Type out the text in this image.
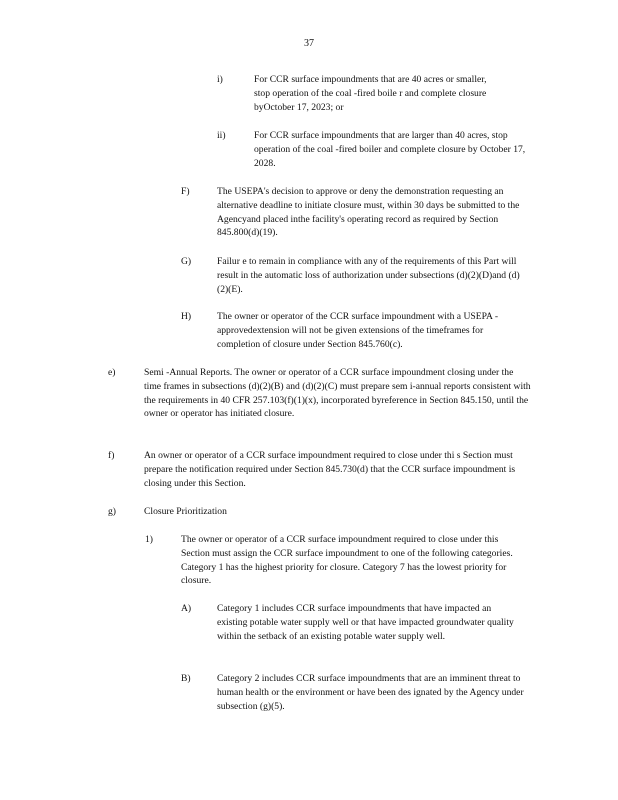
37
i)	For CCR surface impoundments that are 40 acres or smaller, stop operation of the coal -fired boile r and complete closure byOctober 17, 2023; or
ii)	For CCR surface impoundments that are larger than 40 acres, stop operation of the coal -fired boiler and complete closure by October 17, 2028.
F)	The USEPA's decision to approve or deny the demonstration requesting an alternative deadline to initiate closure must, within 30 days be submitted to the Agencyand placed inthe facility's operating record as required by Section 845.800(d)(19).
G)	Failur e to remain in compliance with any of the requirements of this Part will result in the automatic loss of authorization under subsections (d)(2)(D)and (d)(2)(E).
H)	The owner or operator of the CCR surface impoundment with a USEPA -approvedextension will not be given extensions of the timeframes for completion of closure under Section 845.760(c).
e)	Semi -Annual Reports. The owner or operator of a CCR surface impoundment closing under the time frames in subsections (d)(2)(B) and (d)(2)(C) must prepare sem i-annual reports consistent with the requirements in 40 CFR 257.103(f)(1)(x), incorporated byreference in Section 845.150, until the owner or operator has initiated closure.
f)	An owner or operator of a CCR surface impoundment required to close under thi s Section must prepare the notification required under Section 845.730(d) that the CCR surface impoundment is closing under this Section.
g)	Closure Prioritization
1)	The owner or operator of a CCR surface impoundment required to close under this Section must assign the CCR surface impoundment to one of the following categories. Category 1 has the highest priority for closure. Category 7 has the lowest priority for closure.
A)	Category 1 includes CCR surface impoundments that have impacted an existing potable water supply well or that have impacted groundwater quality within the setback of an existing potable water supply well.
B)	Category 2 includes CCR surface impoundments that are an imminent threat to human health or the environment or have been des ignated by the Agency under subsection (g)(5).
